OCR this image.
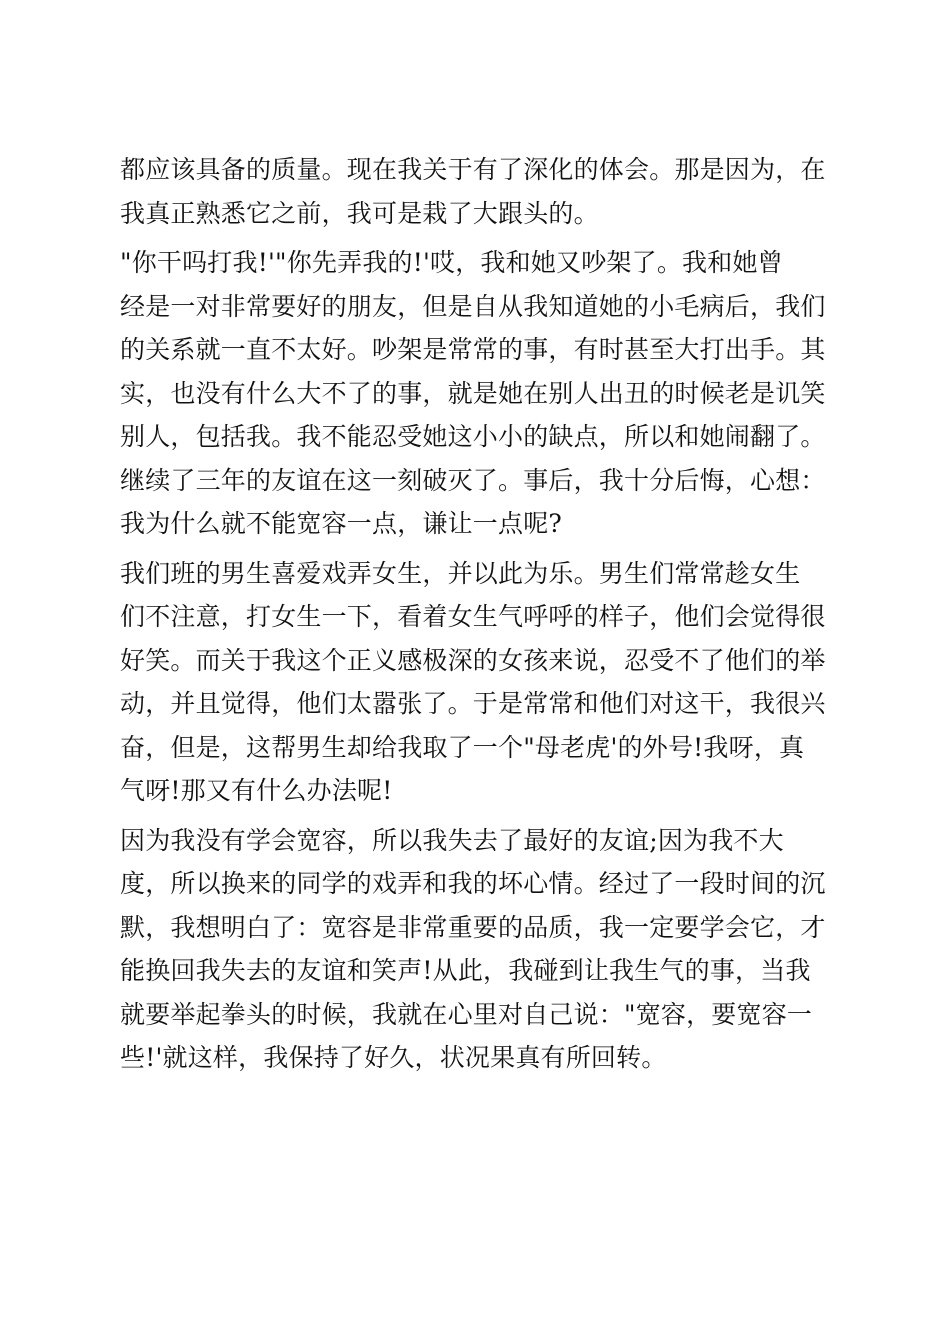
都应该具备的质量。现在我关于有了深化的体会。那是因为，在
我真正熟悉它之前，我可是栽了大跟头的。
"你干吗打我!'"你先弄我的!'哎，我和她又吵架了。我和她曾
经是一对非常要好的朋友，但是自从我知道她的小毛病后，我们
的关系就一直不太好。吵架是常常的事，有时甚至大打出手。其
实，也没有什么大不了的事，就是她在别人出丑的时候老是讥笑
别人，包括我。我不能忍受她这小小的缺点，所以和她闹翻了。
继续了三年的友谊在这一刻破灭了。事后，我十分后悔，心想：
我为什么就不能宽容一点，谦让一点呢?
我们班的男生喜爱戏弄女生，并以此为乐。男生们常常趁女生
们不注意，打女生一下，看着女生气呼呼的样子，他们会觉得很
好笑。而关于我这个正义感极深的女孩来说，忍受不了他们的举
动，并且觉得，他们太嚣张了。于是常常和他们对这干，我很兴
奋，但是，这帮男生却给我取了一个"母老虎'的外号!我呀，真
气呀!那又有什么办法呢!
因为我没有学会宽容，所以我失去了最好的友谊;因为我不大
度，所以换来的同学的戏弄和我的坏心情。经过了一段时间的沉
默，我想明白了：宽容是非常重要的品质，我一定要学会它，才
能换回我失去的友谊和笑声!从此，我碰到让我生气的事，当我
就要举起拳头的时候，我就在心里对自己说："宽容，要宽容一
些!'就这样，我保持了好久，状况果真有所回转。
